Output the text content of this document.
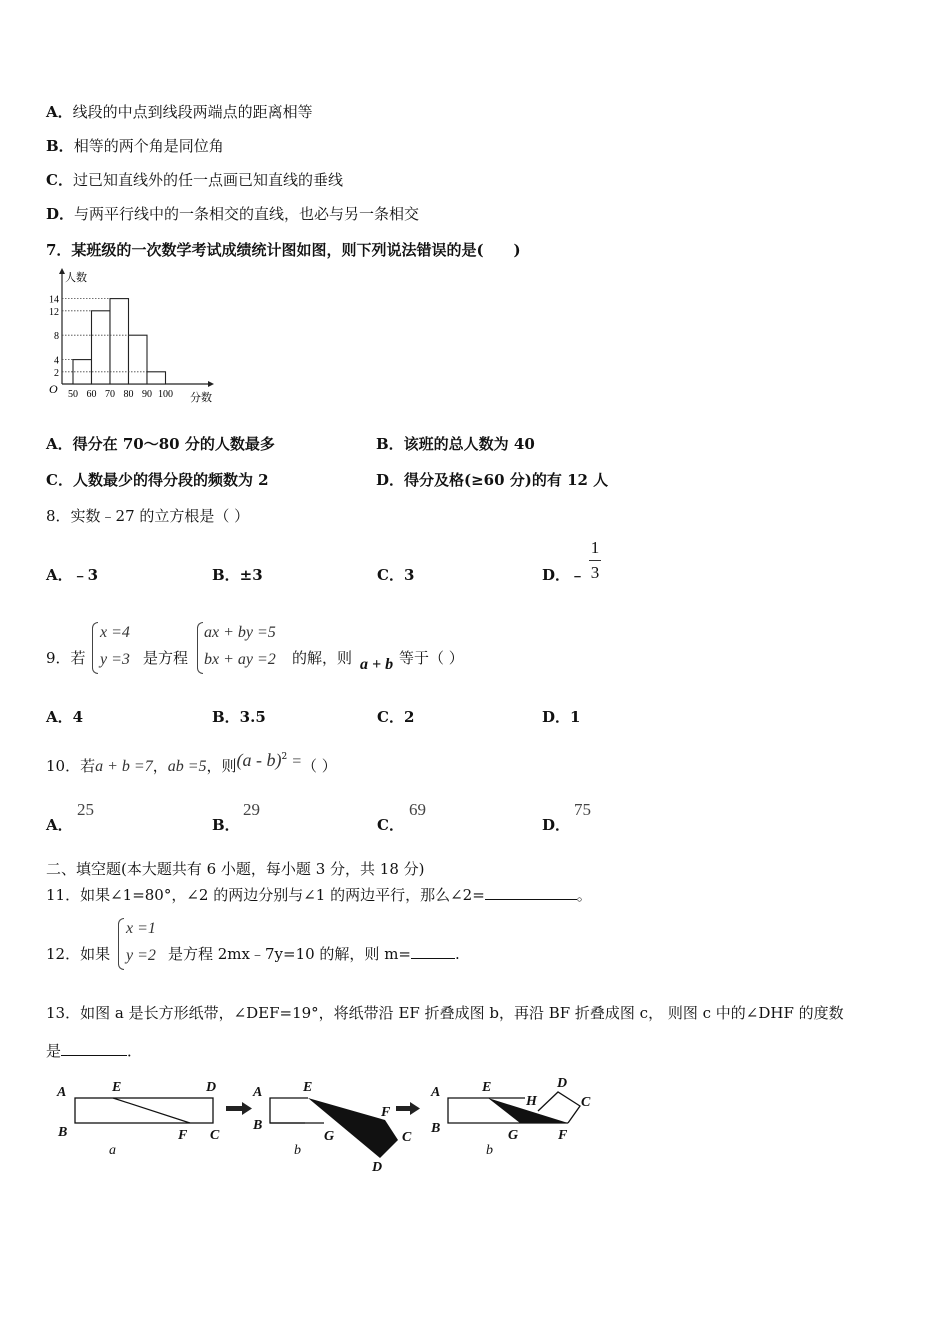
A．线段的中点到线段两端点的距离相等
B．相等的两个角是同位角
C．过已知直线外的任一点画已知直线的垂线
D．与两平行线中的一条相交的直线，也必与另一条相交
7．某班级的一次数学考试成绩统计图如图，则下列说法错误的是(　　)
人数
分数
O
2
4
8
12
14
50 60 70 80 90 100
A．得分在 70～80 分的人数最多	B．该班的总人数为 40
C．人数最少的得分段的频数为 2	D．得分及格(≥60 分)的有 12 人
8．实数﹣27 的立方根是（ ）
A．﹣3	B．±3	C．3	D．﹣
1
3
9．若
x =4
y =3 是方程
ax + by =5
bx + ay =2 的解，则 a + b 等于（ ）
A．4	B．3.5	C．2	D．1
10．若a + b =7，ab =5，则(a - b)$^2$ =（ ）
A．
25
B．
29
C．
69
D．
75
二、填空题(本大题共有 6 小题，每小题 3 分，共 18 分)
11．如果∠1=80°，∠2 的两边分别与∠1 的两边平行，那么∠2=	。
12．如果
x =1
y =2 是方程 2mx﹣7y=10 的解，则 m=	.
13．如图 a 是长方形纸带，∠DEF=19°，将纸带沿 EF 折叠成图 b，再沿 BF 折叠成图 c， 则图 c 中的∠DHF 的度数
是	．
A	E	D
B	F C
a
A	E
B
G
F
C
D
b
A	E
H
D
C
B	G	F
b
